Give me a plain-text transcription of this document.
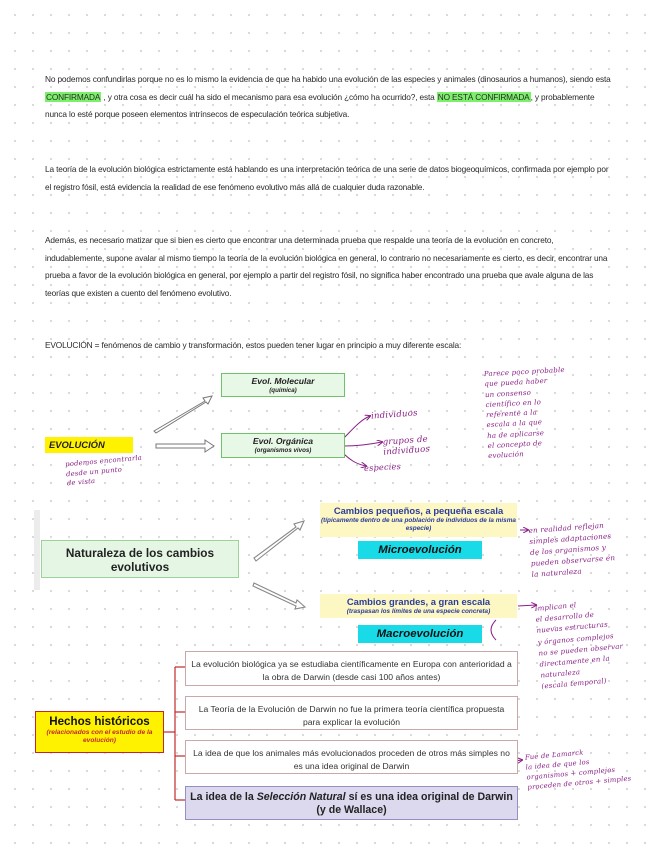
No podemos confundirlas porque no es lo mismo la evidencia de que ha habido una evolución de las especies y animales (dinosaurios a humanos), siendo esta CONFIRMADA , y otra cosa es decir cuál ha sido el mecanismo para esa evolución ¿cómo ha ocurrido?, esta NO ESTÁ CONFIRMADA, y probablemente nunca lo esté porque poseen elementos intrínsecos de especulación teórica subjetiva.

La teoría de la evolución biológica estrictamente está hablando es una interpretación teórica de una serie de datos biogeoquímicos, confirmada por ejemplo por el registro fósil, está evidencia la realidad de ese fenómeno evolutivo más allá de cualquier duda razonable.

Además, es necesario matizar que si bien es cierto que encontrar una determinada prueba que respalde una teoría de la evolución en concreto, indudablemente, supone avalar al mismo tiempo la teoría de la evolución biológica en general, lo contrario no necesariamente es cierto, es decir, encontrar una prueba a favor de la evolución biológica en general, por ejemplo a partir del registro fósil, no significa haber encontrado una prueba que avale alguna de las teorías que existen a cuento del fenómeno evolutivo.

EVOLUCIÓN = fenómenos de cambio y transformación, estos pueden tener lugar en principio a muy diferente escala:

EVOLUCIÓN
Evol. Molecular
(química)
Evol. Orgánica
(organismos vivos)
Naturaleza de los cambios evolutivos
Cambios pequeños, a pequeña escala
(típicamente dentro de una población de individuos de la misma especie)
Microevolución
Cambios grandes, a gran escala
(traspasan los límites de una especie concreta)
Macroevolución
Hechos históricos
(relacionados con el estudio de la evolución)
La evolución biológica ya se estudiaba científicamente en Europa con anterioridad a la obra de Darwin (desde casi 100 años antes)
La Teoría de la Evolución de Darwin no fue la primera teoría científica propuesta para explicar la evolución
La idea de que los animales más evolucionados proceden de otros más simples no es una idea original de Darwin
La idea de la Selección Natural sí es una idea original de Darwin (y de Wallace)
Parece poco probable
que pueda haber
un consenso
científico en lo
referente a la
escala a la que
ha de aplicarse
el concepto de
evolución
individuos
grupos de
individuos
especies
podemos encontrarla
desde un punto
de vista
en realidad reflejan
simples adaptaciones
de los organismos y
pueden observarse en
la naturaleza
Implican el
el desarrollo de
nuevas estructuras
y órganos complejos
no se pueden observar
directamente en la
naturaleza
(escala temporal)
Fue de Lamarck
la idea de que los
organismos + complejos
proceden de otros + simples
